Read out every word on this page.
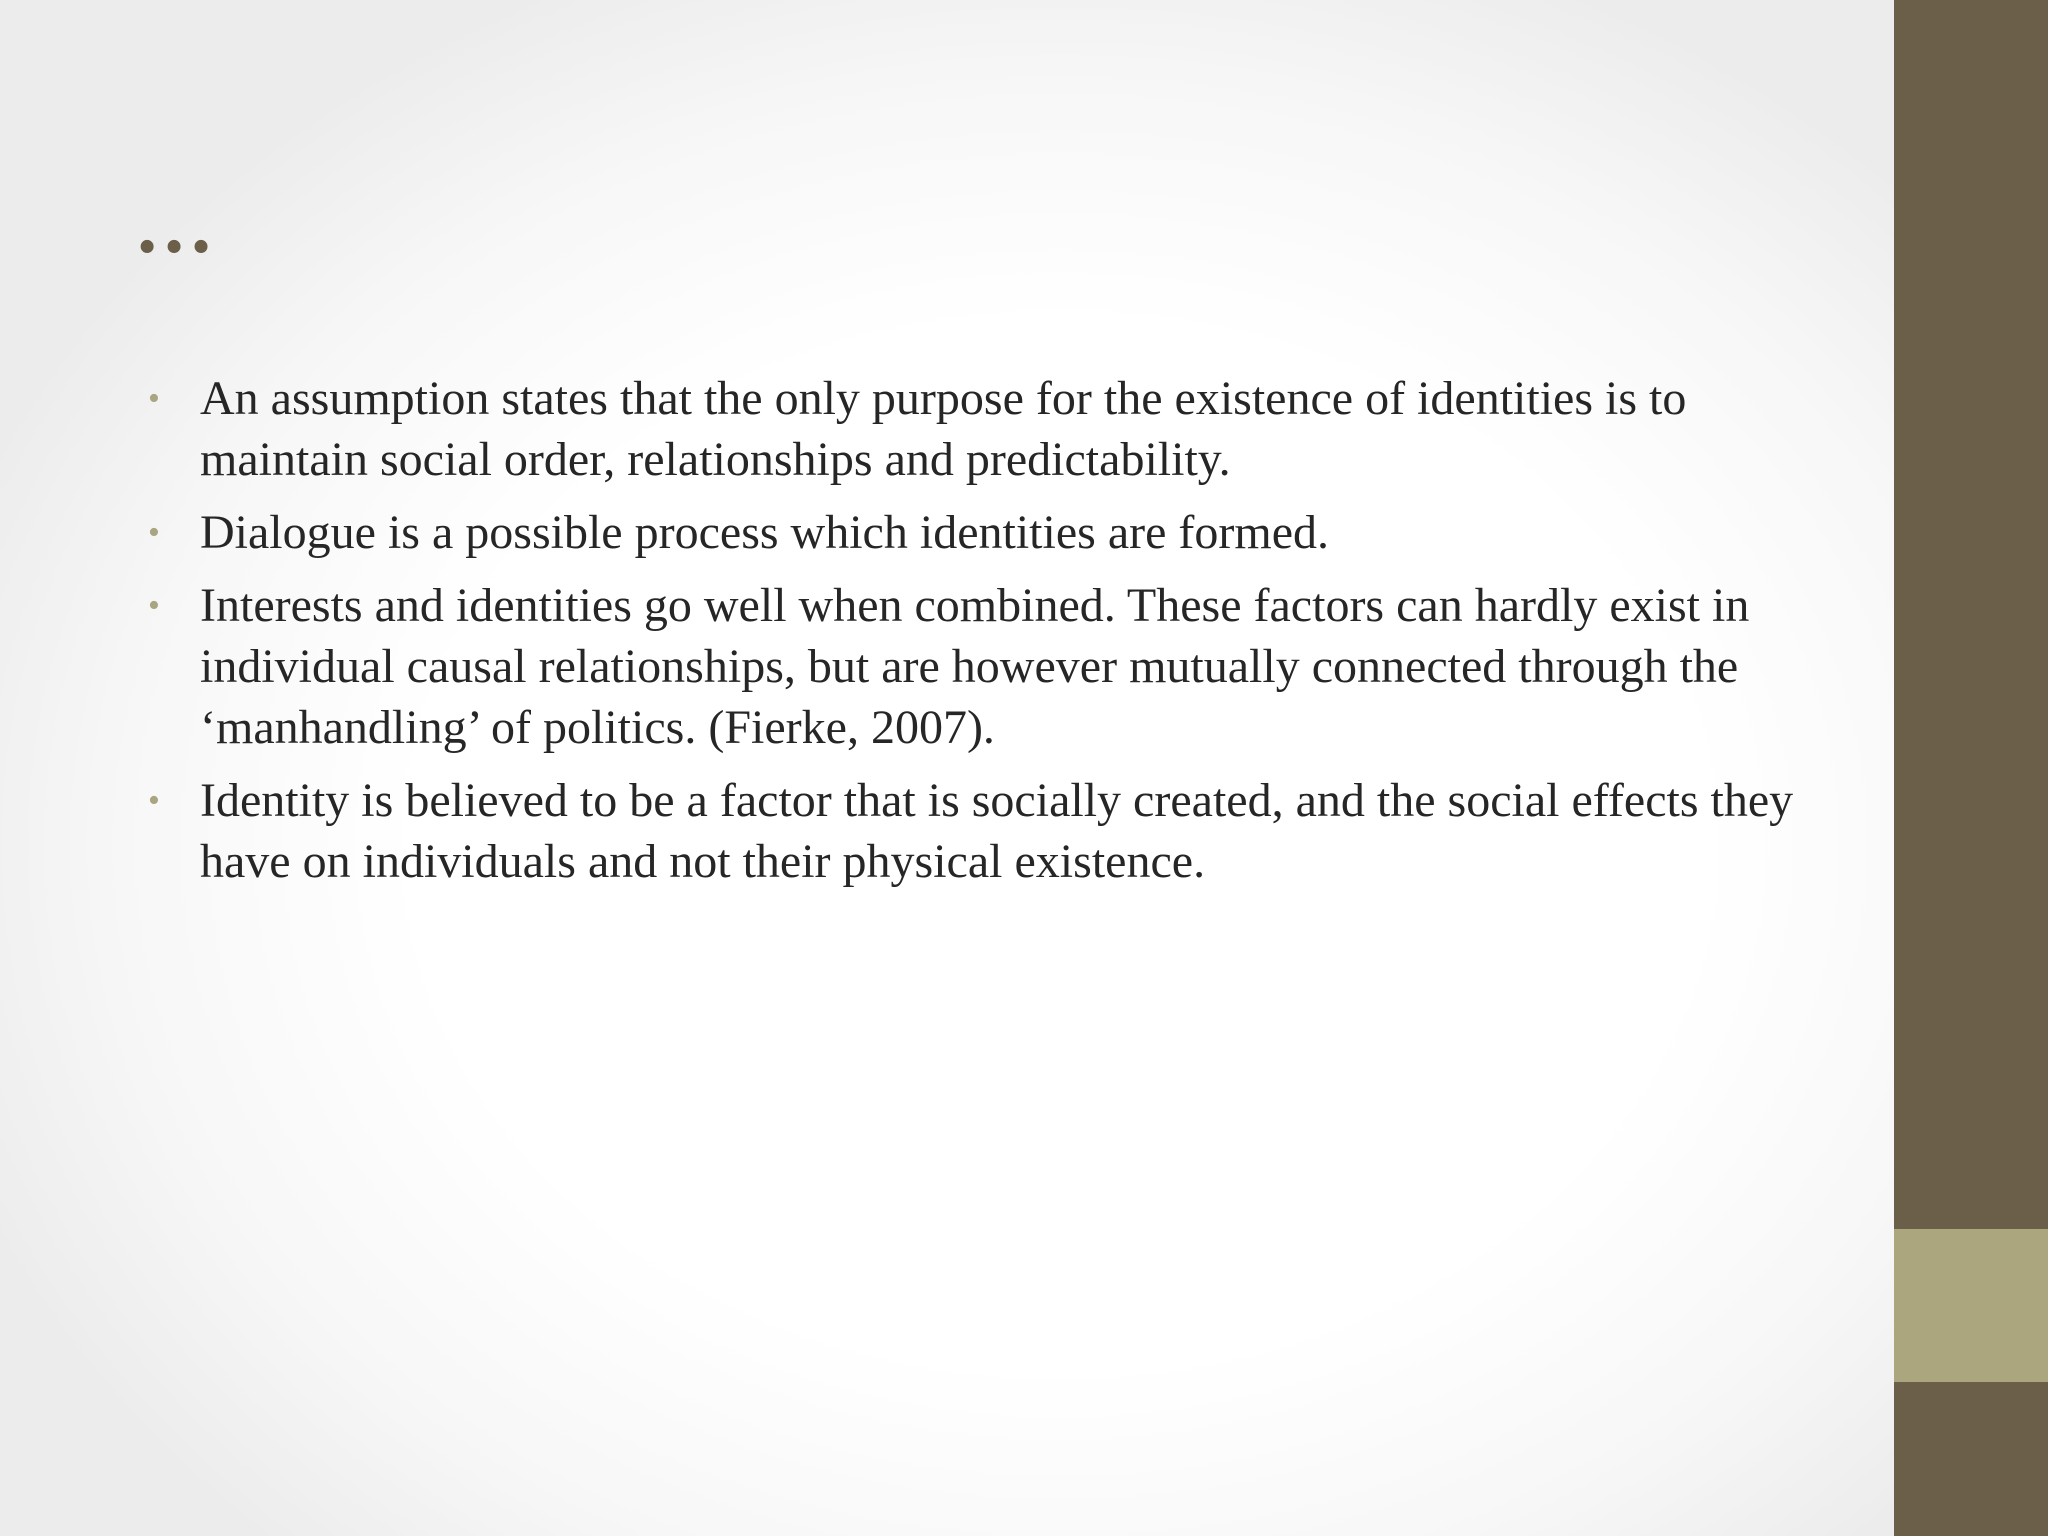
…
• An assumption states that the only purpose for the existence of identities is to maintain social order, relationships and predictability.
• Dialogue is a possible process which identities are formed.
• Interests and identities go well when combined. These factors can hardly exist in individual causal relationships, but are however mutually connected through the ‘manhandling’ of politics. (Fierke, 2007).
• Identity is believed to be a factor that is socially created, and the social effects they have on individuals and not their physical existence.
